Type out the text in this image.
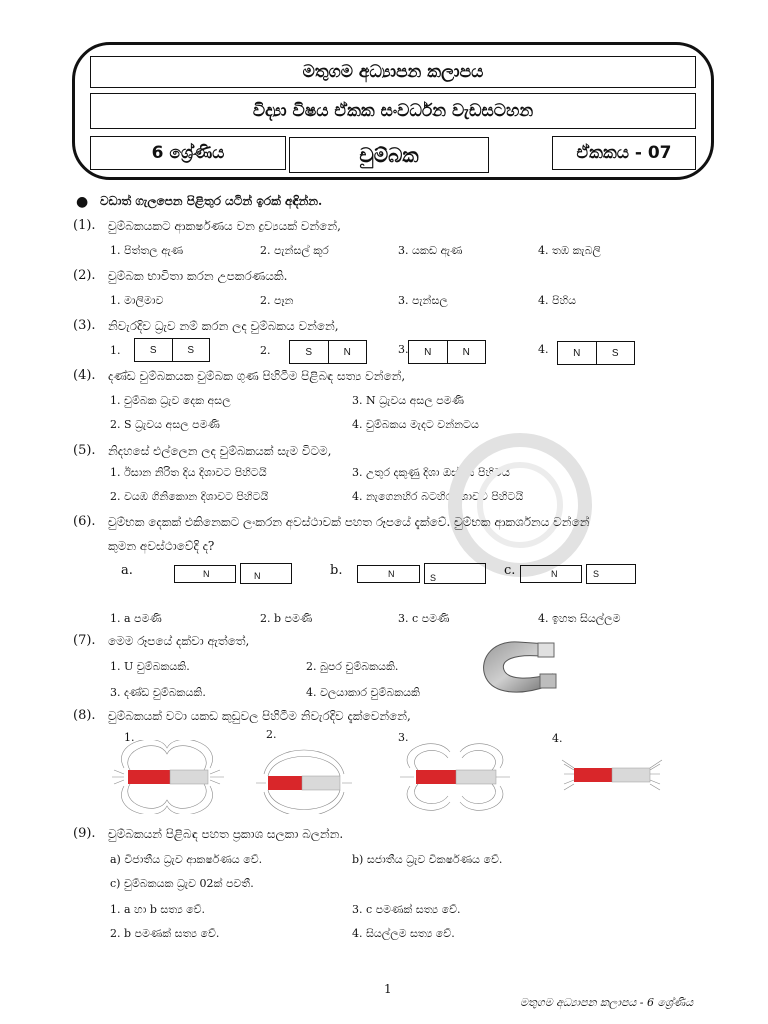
මතුගම අධ්‍යාපන කලාපය
විද්‍යා විෂය ඒකක සංවර්ධන වැඩසටහන
6 ශ්‍රේණිය	චුම්බක	ඒකකය - 07
● වඩාත් ගැලපෙන පිළිතුර යටින් ඉරක් අඳින්න.
(1). චුම්බකයකට ආකර්ෂණය වන ද්‍රව්‍යයක් වන්නේ,
1. පිත්තල ඇණ	2. පැන්සල් කූර	3. යකඩ ඇණ	4. තඹ කැබලි
(2). චුම්බක භාවිතා කරන උපකරණයකි.
1. මාලිමාව	2. පෑන	3. පැන්සල	4. පිහිය
(3). නිවැරදිව ධ්‍රැව නම් කරන ලද චුම්බකය වන්නේ,
1.	S	S	2.	S	N	3.	N	N	4.	N	S
(4). දණ්ඩ චුම්බකයක චුම්බක ගුණ පිහිටීම පිළිබඳ සත්‍ය වන්නේ,
1. චුම්බක ධ්‍රැව දෙක අසල	3. N ධ්‍රැවය අසල පමණි
2. S ධ්‍රැවය අසල පමණි	4. චුම්බකය මැදට වන්නටය
(5). නිදහසේ එල්ලෙන ලද චුම්බකයක් සැම විටම,
1. ඊසාන නිරිත දිය දිශාවට පිහිටයි	3. උතුර දකුණු දිශා ඔස්සේ පිහිටයි
2. වයඹ ගිනිකොන දිශාවට පිහිටයි	4. නැගෙනහිර බටහිර දිශාවට පිහිටයි
(6). චුම්භක දෙකක් එකිනෙකට ලංකරන අවස්ථාවක් පහත රූපයේ දැක්වේ. චුම්භක ආකර්ශනය වන්නේ
කුමන අවස්ථාවේදි ද?
a.	N	N	b.	N	S	c.	N	S
1. a පමණි	2. b පමණි	3. c පමණි	4. ඉහත සියල්ලම
(7). මෙම රූපයේ දක්වා ඇත්තේ,
1. U චුම්බකයකි.	2. බුපර චුම්බකයකි.
3. දණ්ඩ චුම්බකයකි.	4. වලයාකාර චුම්බකයකි
(8). චුම්බකයක් වටා යකඩ කුඩුවල පිහිටීම නිවැරදිව දැක්වෙන්නේ,
1.	2.	3.	4.
(9). චුම්බකයන් පිළිබඳ පහත ප්‍රකාශ සලකා බලන්න.
a) විජාතීය ධ්‍රැව ආකර්ෂණය වේ.	b) සජාතීය ධ්‍රැව විකර්ෂණය වේ.
c) චුම්බකයක ධ්‍රැව 02ක් පවතී.
1. a හා b සත්‍ය වේ.	3. c පමණක් සත්‍ය වේ.
2. b පමණක් සත්‍ය වේ.	4. සියල්ලම සත්‍ය වේ.
1
මතුගම අධ්‍යාපන කලාපය - 6 ශ්‍රේණිය
